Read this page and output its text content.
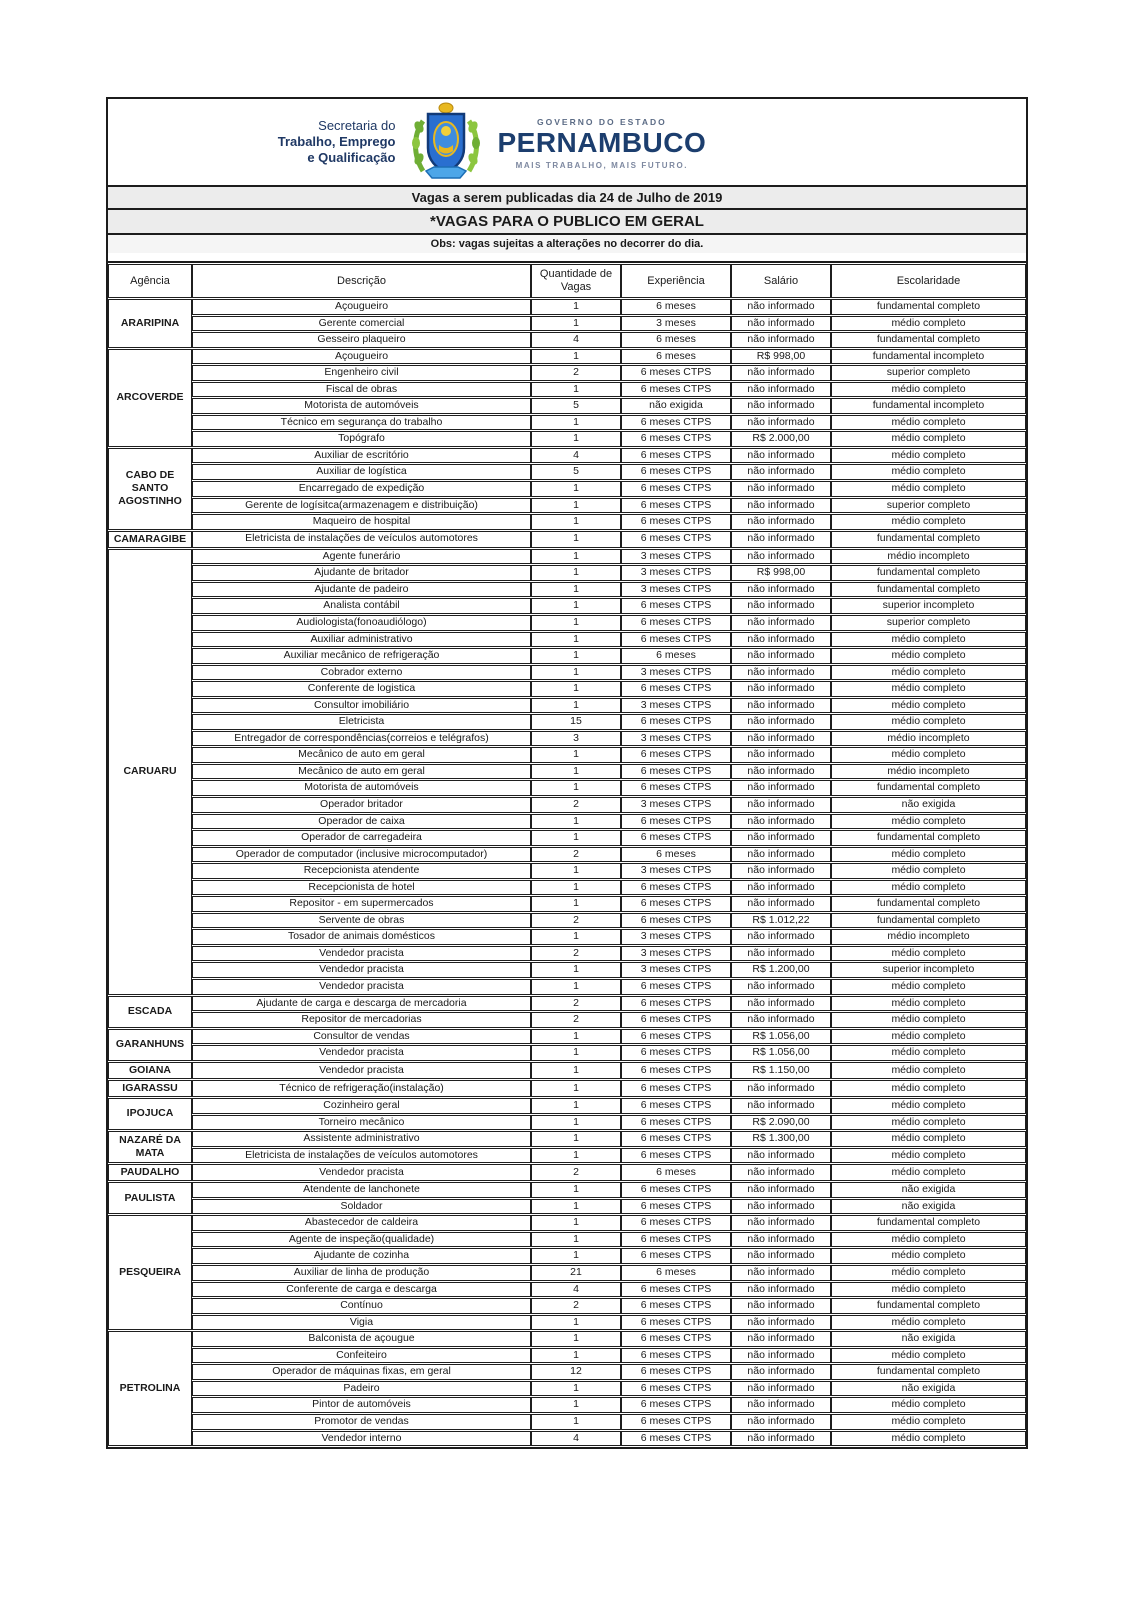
Secretaria do
Trabalho, Emprego
e Qualificação
GOVERNO DO ESTADO
PERNAMBUCO
MAIS TRABALHO, MAIS FUTURO.
Vagas a serem publicadas dia 24 de Julho de 2019
*VAGAS PARA O PUBLICO EM GERAL
Obs: vagas sujeitas a alterações no decorrer do dia.
Agência	Descrição	Quantidade de Vagas	Experiência	Salário	Escolaridade
ARARIPINA	Açougueiro	1	6 meses	não informado	fundamental completo
	Gerente comercial	1	3 meses	não informado	médio completo
	Gesseiro plaqueiro	4	6 meses	não informado	fundamental completo
ARCOVERDE	Açougueiro	1	6 meses	R$ 998,00	fundamental incompleto
	Engenheiro civil	2	6 meses CTPS	não informado	superior completo
	Fiscal de obras	1	6 meses CTPS	não informado	médio completo
	Motorista de automóveis	5	não exigida	não informado	fundamental incompleto
	Técnico em segurança do trabalho	1	6 meses CTPS	não informado	médio completo
	Topógrafo	1	6 meses CTPS	R$ 2.000,00	médio completo
CABO DE SANTO AGOSTINHO	Auxiliar de escritório	4	6 meses CTPS	não informado	médio completo
	Auxiliar de logística	5	6 meses CTPS	não informado	médio completo
	Encarregado de expedição	1	6 meses CTPS	não informado	médio completo
	Gerente de logísitca(armazenagem e distribuição)	1	6 meses CTPS	não informado	superior completo
	Maqueiro de hospital	1	6 meses CTPS	não informado	médio completo
CAMARAGIBE	Eletricista de instalações de veículos automotores	1	6 meses CTPS	não informado	fundamental completo
CARUARU	Agente funerário	1	3 meses CTPS	não informado	médio incompleto
	Ajudante de britador	1	3 meses CTPS	R$ 998,00	fundamental completo
	Ajudante de padeiro	1	3 meses CTPS	não informado	fundamental completo
	Analista contábil	1	6 meses CTPS	não informado	superior incompleto
	Audiologista(fonoaudiólogo)	1	6 meses CTPS	não informado	superior completo
	Auxiliar administrativo	1	6 meses CTPS	não informado	médio completo
	Auxiliar mecânico de refrigeração	1	6 meses	não informado	médio completo
	Cobrador externo	1	3 meses CTPS	não informado	médio completo
	Conferente de logistica	1	6 meses CTPS	não informado	médio completo
	Consultor imobiliário	1	3 meses CTPS	não informado	médio completo
	Eletricista	15	6 meses CTPS	não informado	médio completo
	Entregador de correspondências(correios e telégrafos)	3	3 meses CTPS	não informado	médio incompleto
	Mecânico de auto em geral	1	6 meses CTPS	não informado	médio completo
	Mecânico de auto em geral	1	6 meses CTPS	não informado	médio incompleto
	Motorista de automóveis	1	6 meses CTPS	não informado	fundamental completo
	Operador britador	2	3 meses CTPS	não informado	não exigida
	Operador de caixa	1	6 meses CTPS	não informado	médio completo
	Operador de carregadeira	1	6 meses CTPS	não informado	fundamental completo
	Operador de computador (inclusive microcomputador)	2	6 meses	não informado	médio completo
	Recepcionista atendente	1	3 meses CTPS	não informado	médio completo
	Recepcionista de hotel	1	6 meses CTPS	não informado	médio completo
	Repositor - em supermercados	1	6 meses CTPS	não informado	fundamental completo
	Servente de obras	2	6 meses CTPS	R$ 1.012,22	fundamental completo
	Tosador de animais domésticos	1	3 meses CTPS	não informado	médio incompleto
	Vendedor pracista	2	3 meses CTPS	não informado	médio completo
	Vendedor pracista	1	3 meses CTPS	R$ 1.200,00	superior incompleto
	Vendedor pracista	1	6 meses CTPS	não informado	médio completo
ESCADA	Ajudante de carga e descarga de mercadoria	2	6 meses CTPS	não informado	médio completo
	Repositor de mercadorias	2	6 meses CTPS	não informado	médio completo
GARANHUNS	Consultor de vendas	1	6 meses CTPS	R$ 1.056,00	médio completo
	Vendedor pracista	1	6 meses CTPS	R$ 1.056,00	médio completo
GOIANA	Vendedor pracista	1	6 meses CTPS	R$ 1.150,00	médio completo
IGARASSU	Técnico de refrigeração(instalação)	1	6 meses CTPS	não informado	médio completo
IPOJUCA	Cozinheiro geral	1	6 meses CTPS	não informado	médio completo
	Torneiro mecânico	1	6 meses CTPS	R$ 2.090,00	médio completo
NAZARÉ DA MATA	Assistente administrativo	1	6 meses CTPS	R$ 1.300,00	médio completo
	Eletricista de instalações de veículos automotores	1	6 meses CTPS	não informado	médio completo
PAUDALHO	Vendedor pracista	2	6 meses	não informado	médio completo
PAULISTA	Atendente de lanchonete	1	6 meses CTPS	não informado	não exigida
	Soldador	1	6 meses CTPS	não informado	não exigida
PESQUEIRA	Abastecedor de caldeira	1	6 meses CTPS	não informado	fundamental completo
	Agente de inspeção(qualidade)	1	6 meses CTPS	não informado	médio completo
	Ajudante de cozinha	1	6 meses CTPS	não informado	médio completo
	Auxiliar de linha de produção	21	6 meses	não informado	médio completo
	Conferente de carga e descarga	4	6 meses CTPS	não informado	médio completo
	Contínuo	2	6 meses CTPS	não informado	fundamental completo
	Vigia	1	6 meses CTPS	não informado	médio completo
PETROLINA	Balconista de açougue	1	6 meses CTPS	não informado	não exigida
	Confeiteiro	1	6 meses CTPS	não informado	médio completo
	Operador de máquinas fixas, em geral	12	6 meses CTPS	não informado	fundamental completo
	Padeiro	1	6 meses CTPS	não informado	não exigida
	Pintor de automóveis	1	6 meses CTPS	não informado	médio completo
	Promotor de vendas	1	6 meses CTPS	não informado	médio completo
	Vendedor interno	4	6 meses CTPS	não informado	médio completo
